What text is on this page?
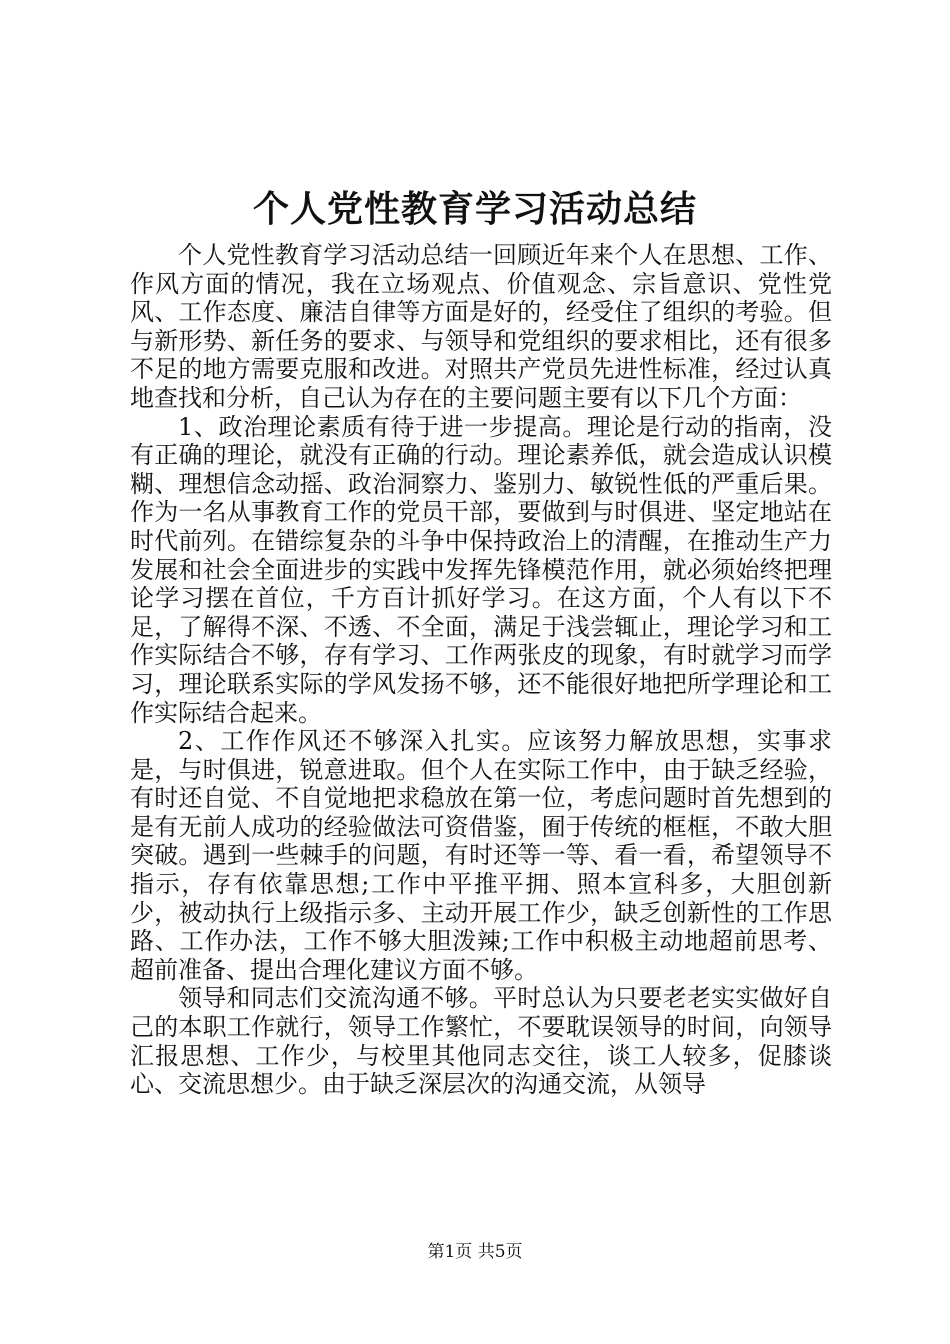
个人党性教育学习活动总结

个人党性教育学习活动总结一回顾近年来个人在思想、工作、作风方面的情况，我在立场观点、价值观念、宗旨意识、党性党风、工作态度、廉洁自律等方面是好的，经受住了组织的考验。但与新形势、新任务的要求、与领导和党组织的要求相比，还有很多不足的地方需要克服和改进。对照共产党员先进性标准，经过认真地查找和分析，自己认为存在的主要问题主要有以下几个方面：

1、政治理论素质有待于进一步提高。理论是行动的指南，没有正确的理论，就没有正确的行动。理论素养低，就会造成认识模糊、理想信念动摇、政治洞察力、鉴别力、敏锐性低的严重后果。作为一名从事教育工作的党员干部，要做到与时俱进、坚定地站在时代前列。在错综复杂的斗争中保持政治上的清醒，在推动生产力发展和社会全面进步的实践中发挥先锋模范作用，就必须始终把理论学习摆在首位，千方百计抓好学习。在这方面，个人有以下不足，了解得不深、不透、不全面，满足于浅尝辄止，理论学习和工作实际结合不够，存有学习、工作两张皮的现象，有时就学习而学习，理论联系实际的学风发扬不够，还不能很好地把所学理论和工作实际结合起来。

2、工作作风还不够深入扎实。应该努力解放思想，实事求是，与时俱进，锐意进取。但个人在实际工作中，由于缺乏经验，有时还自觉、不自觉地把求稳放在第一位，考虑问题时首先想到的是有无前人成功的经验做法可资借鉴，囿于传统的框框，不敢大胆突破。遇到一些棘手的问题，有时还等一等、看一看，希望领导不指示，存有依靠思想;工作中平推平拥、照本宣科多，大胆创新少，被动执行上级指示多、主动开展工作少，缺乏创新性的工作思路、工作办法，工作不够大胆泼辣;工作中积极主动地超前思考、超前准备、提出合理化建议方面不够。

领导和同志们交流沟通不够。平时总认为只要老老实实做好自己的本职工作就行，领导工作繁忙，不要耽误领导的时间，向领导汇报思想、工作少，与校里其他同志交往，谈工人较多，促膝谈心、交流思想少。由于缺乏深层次的沟通交流，从领导

第1页 共5页
